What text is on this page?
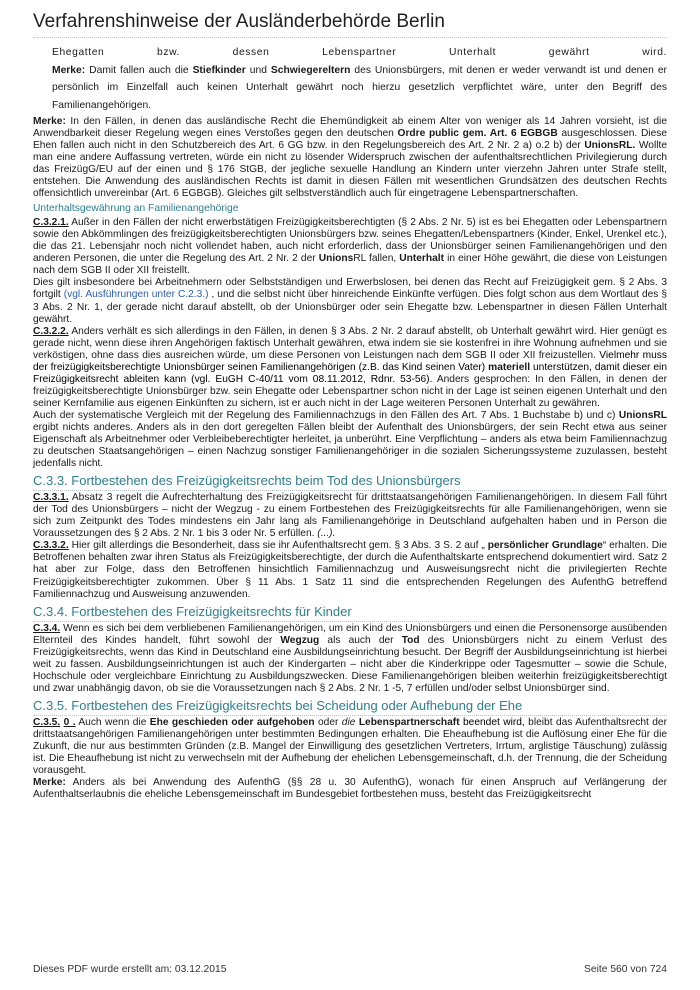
Verfahrenshinweise der Ausländerbehörde Berlin
Ehegatten bzw. dessen Lebenspartner Unterhalt gewährt wird.
Merke: Damit fallen auch die Stiefkinder und Schwiegereltern des Unionsbürgers, mit denen er weder verwandt ist und denen er persönlich im Einzelfall auch keinen Unterhalt gewährt noch hierzu gesetzlich verpflichtet wäre, unter den Begriff des Familienangehörigen.

Merke: In den Fällen, in denen das ausländische Recht die Ehemündigkeit ab einem Alter von weniger als 14 Jahren vorsieht, ist die Anwendbarkeit dieser Regelung wegen eines Verstoßes gegen den deutschen Ordre public gem. Art. 6 EGBGB ausgeschlossen. Diese Ehen fallen auch nicht in den Schutzbereich des Art. 6 GG bzw. in den Regelungsbereich des Art. 2 Nr. 2 a) o.2 b) der UnionsRL. Wollte man eine andere Auffassung vertreten, würde ein nicht zu lösender Widerspruch zwischen der aufenthaltsrechtlichen Privilegierung durch das FreizügG/EU auf der einen und § 176 StGB, der jegliche sexuelle Handlung an Kindern unter vierzehn Jahren unter Strafe stellt, entstehen. Die Anwendung des ausländischen Rechts ist damit in diesen Fällen mit wesentlichen Grundsätzen des deutschen Rechts offensichtlich unvereinbar (Art. 6 EGBGB). Gleiches gilt selbstverständlich auch für eingetragene Lebenspartnerschaften.

Unterhaltsgewährung an Familienangehörige

C.3.2.1. Außer in den Fällen der nicht erwerbstätigen Freizügigkeitsberechtigten (§ 2 Abs. 2 Nr. 5) ist es bei Ehegatten oder Lebenspartnern sowie den Abkömmlingen des freizügigkeitsberechtigten Unionsbürgers bzw. seines Ehegatten/Lebenspartners (Kinder, Enkel, Urenkel etc.), die das 21. Lebensjahr noch nicht vollendet haben, auch nicht erforderlich, dass der Unionsbürger seinen Familienangehörigen und den anderen Personen, die unter die Regelung des Art. 2 Nr. 2 der UnionsRL fallen, Unterhalt in einer Höhe gewährt, die diese von Leistungen nach dem SGB II oder XII freistellt.

Dies gilt insbesondere bei Arbeitnehmern oder Selbstständigen und Erwerbslosen, bei denen das Recht auf Freizügigkeit gem. § 2 Abs. 3 fortgilt (vgl. Ausführungen unter C.2.3.) , und die selbst nicht über hinreichende Einkünfte verfügen. Dies folgt schon aus dem Wortlaut des § 3 Abs. 2 Nr. 1, der gerade nicht darauf abstellt, ob der Unionsbürger oder sein Ehegatte bzw. Lebenspartner in diesen Fällen Unterhalt gewährt.

C.3.2.2. Anders verhält es sich allerdings in den Fällen, in denen § 3 Abs. 2 Nr. 2 darauf abstellt, ob Unterhalt gewährt wird. Hier genügt es gerade nicht, wenn diese ihren Angehörigen faktisch Unterhalt gewähren, etwa indem sie sie kostenfrei in ihre Wohnung aufnehmen und sie verköstigen, ohne dass dies ausreichen würde, um diese Personen von Leistungen nach dem SGB II oder XII freizustellen. Vielmehr muss der freizügigkeitsberechtigte Unionsbürger seinen Familienangehörigen (z.B. das Kind seinen Vater) materiell unterstützen, damit dieser ein Freizügigkeitsrecht ableiten kann (vgl. EuGH C-40/11 vom 08.11.2012, Rdnr. 53-56). Anders gesprochen: In den Fällen, in denen der freizügigkeitsberechtigte Unionsbürger bzw. sein Ehegatte oder Lebenspartner schon nicht in der Lage ist seinen eigenen Unterhalt und den seiner Kernfamilie aus eigenen Einkünften zu sichern, ist er auch nicht in der Lage weiteren Personen Unterhalt zu gewähren.

Auch der systematische Vergleich mit der Regelung des Familiennachzugs in den Fällen des Art. 7 Abs. 1 Buchstabe b) und c) UnionsRL ergibt nichts anderes. Anders als in den dort geregelten Fällen bleibt der Aufenthalt des Unionsbürgers, der sein Recht etwa aus seiner Eigenschaft als Arbeitnehmer oder Verbleibeberechtigter herleitet, ja unberührt. Eine Verpflichtung – anders als etwa beim Familiennachzug zu deutschen Staatsangehörigen – einen Nachzug sonstiger Familienangehöriger in die sozialen Sicherungssysteme zuzulassen, besteht jedenfalls nicht.

C.3.3. Fortbestehen des Freizügigkeitsrechts beim Tod des Unionsbürgers

C.3.3.1. Absatz 3 regelt die Aufrechterhaltung des Freizügigkeitsrecht für drittstaatsangehörigen Familienangehörigen. In diesem Fall führt der Tod des Unionsbürgers – nicht der Wegzug - zu einem Fortbestehen des Freizügigkeitsrechts für alle Familienangehörigen, wenn sie sich zum Zeitpunkt des Todes mindestens ein Jahr lang als Familienangehörige in Deutschland aufgehalten haben und in Person die Voraussetzungen des § 2 Abs. 2 Nr. 1 bis 3 oder Nr. 5 erfüllen. (...).

C.3.3.2. Hier gilt allerdings die Besonderheit, dass sie ihr Aufenthaltsrecht gem. § 3 Abs. 3 S. 2 auf „ persönlicher Grundlage“ erhalten. Die Betroffenen behalten zwar ihren Status als Freizügigkeitsberechtigte, der durch die Aufenthaltskarte entsprechend dokumentiert wird. Satz 2 hat aber zur Folge, dass den Betroffenen hinsichtlich Familiennachzug und Ausweisungsrecht nicht die privilegierten Rechte Freizügigkeitsberechtigter zukommen. Über § 11 Abs. 1 Satz 11 sind die entsprechenden Regelungen des AufenthG betreffend Familiennachzug und Ausweisung anzuwenden.

C.3.4. Fortbestehen des Freizügigkeitsrechts für Kinder

C.3.4. Wenn es sich bei dem verbliebenen Familienangehörigen, um ein Kind des Unionsbürgers und einen die Personensorge ausübenden Elternteil des Kindes handelt, führt sowohl der Wegzug als auch der Tod des Unionsbürgers nicht zu einem Verlust des Freizügigkeitsrechts, wenn das Kind in Deutschland eine Ausbildungseinrichtung besucht. Der Begriff der Ausbildungseinrichtung ist hierbei weit zu fassen. Ausbildungseinrichtungen ist auch der Kindergarten – nicht aber die Kinderkrippe oder Tagesmutter – sowie die Schule, Hochschule oder vergleichbare Einrichtung zu Ausbildungszwecken. Diese Familienangehörigen bleiben weiterhin freizügigkeitsberechtigt und zwar unabhängig davon, ob sie die Voraussetzungen nach § 2 Abs. 2 Nr. 1 -5, 7 erfüllen und/oder selbst Unionsbürger sind.

C.3.5. Fortbestehen des Freizügigkeitsrechts bei Scheidung oder Aufhebung der Ehe

C.3.5. 0 . Auch wenn die Ehe geschieden oder aufgehoben oder die Lebenspartnerschaft beendet wird, bleibt das Aufenthaltsrecht der drittstaatsangehörigen Familienangehörigen unter bestimmten Bedingungen erhalten. Die Eheaufhebung ist die Auflösung einer Ehe für die Zukunft, die nur aus bestimmten Gründen (z.B. Mangel der Einwilligung des gesetzlichen Vertreters, Irrtum, arglistige Täuschung) zulässig ist. Die Eheaufhebung ist nicht zu verwechseln mit der Aufhebung der ehelichen Lebensgemeinschaft, d.h. der Trennung, die der Scheidung vorausgeht.

Merke: Anders als bei Anwendung des AufenthG (§§ 28 u. 30 AufenthG), wonach für einen Anspruch auf Verlängerung der Aufenthaltserlaubnis die eheliche Lebensgemeinschaft im Bundesgebiet fortbestehen muss, besteht das Freizügigkeitsrecht

Dieses PDF wurde erstellt am: 03.12.2015	Seite 560 von 724
